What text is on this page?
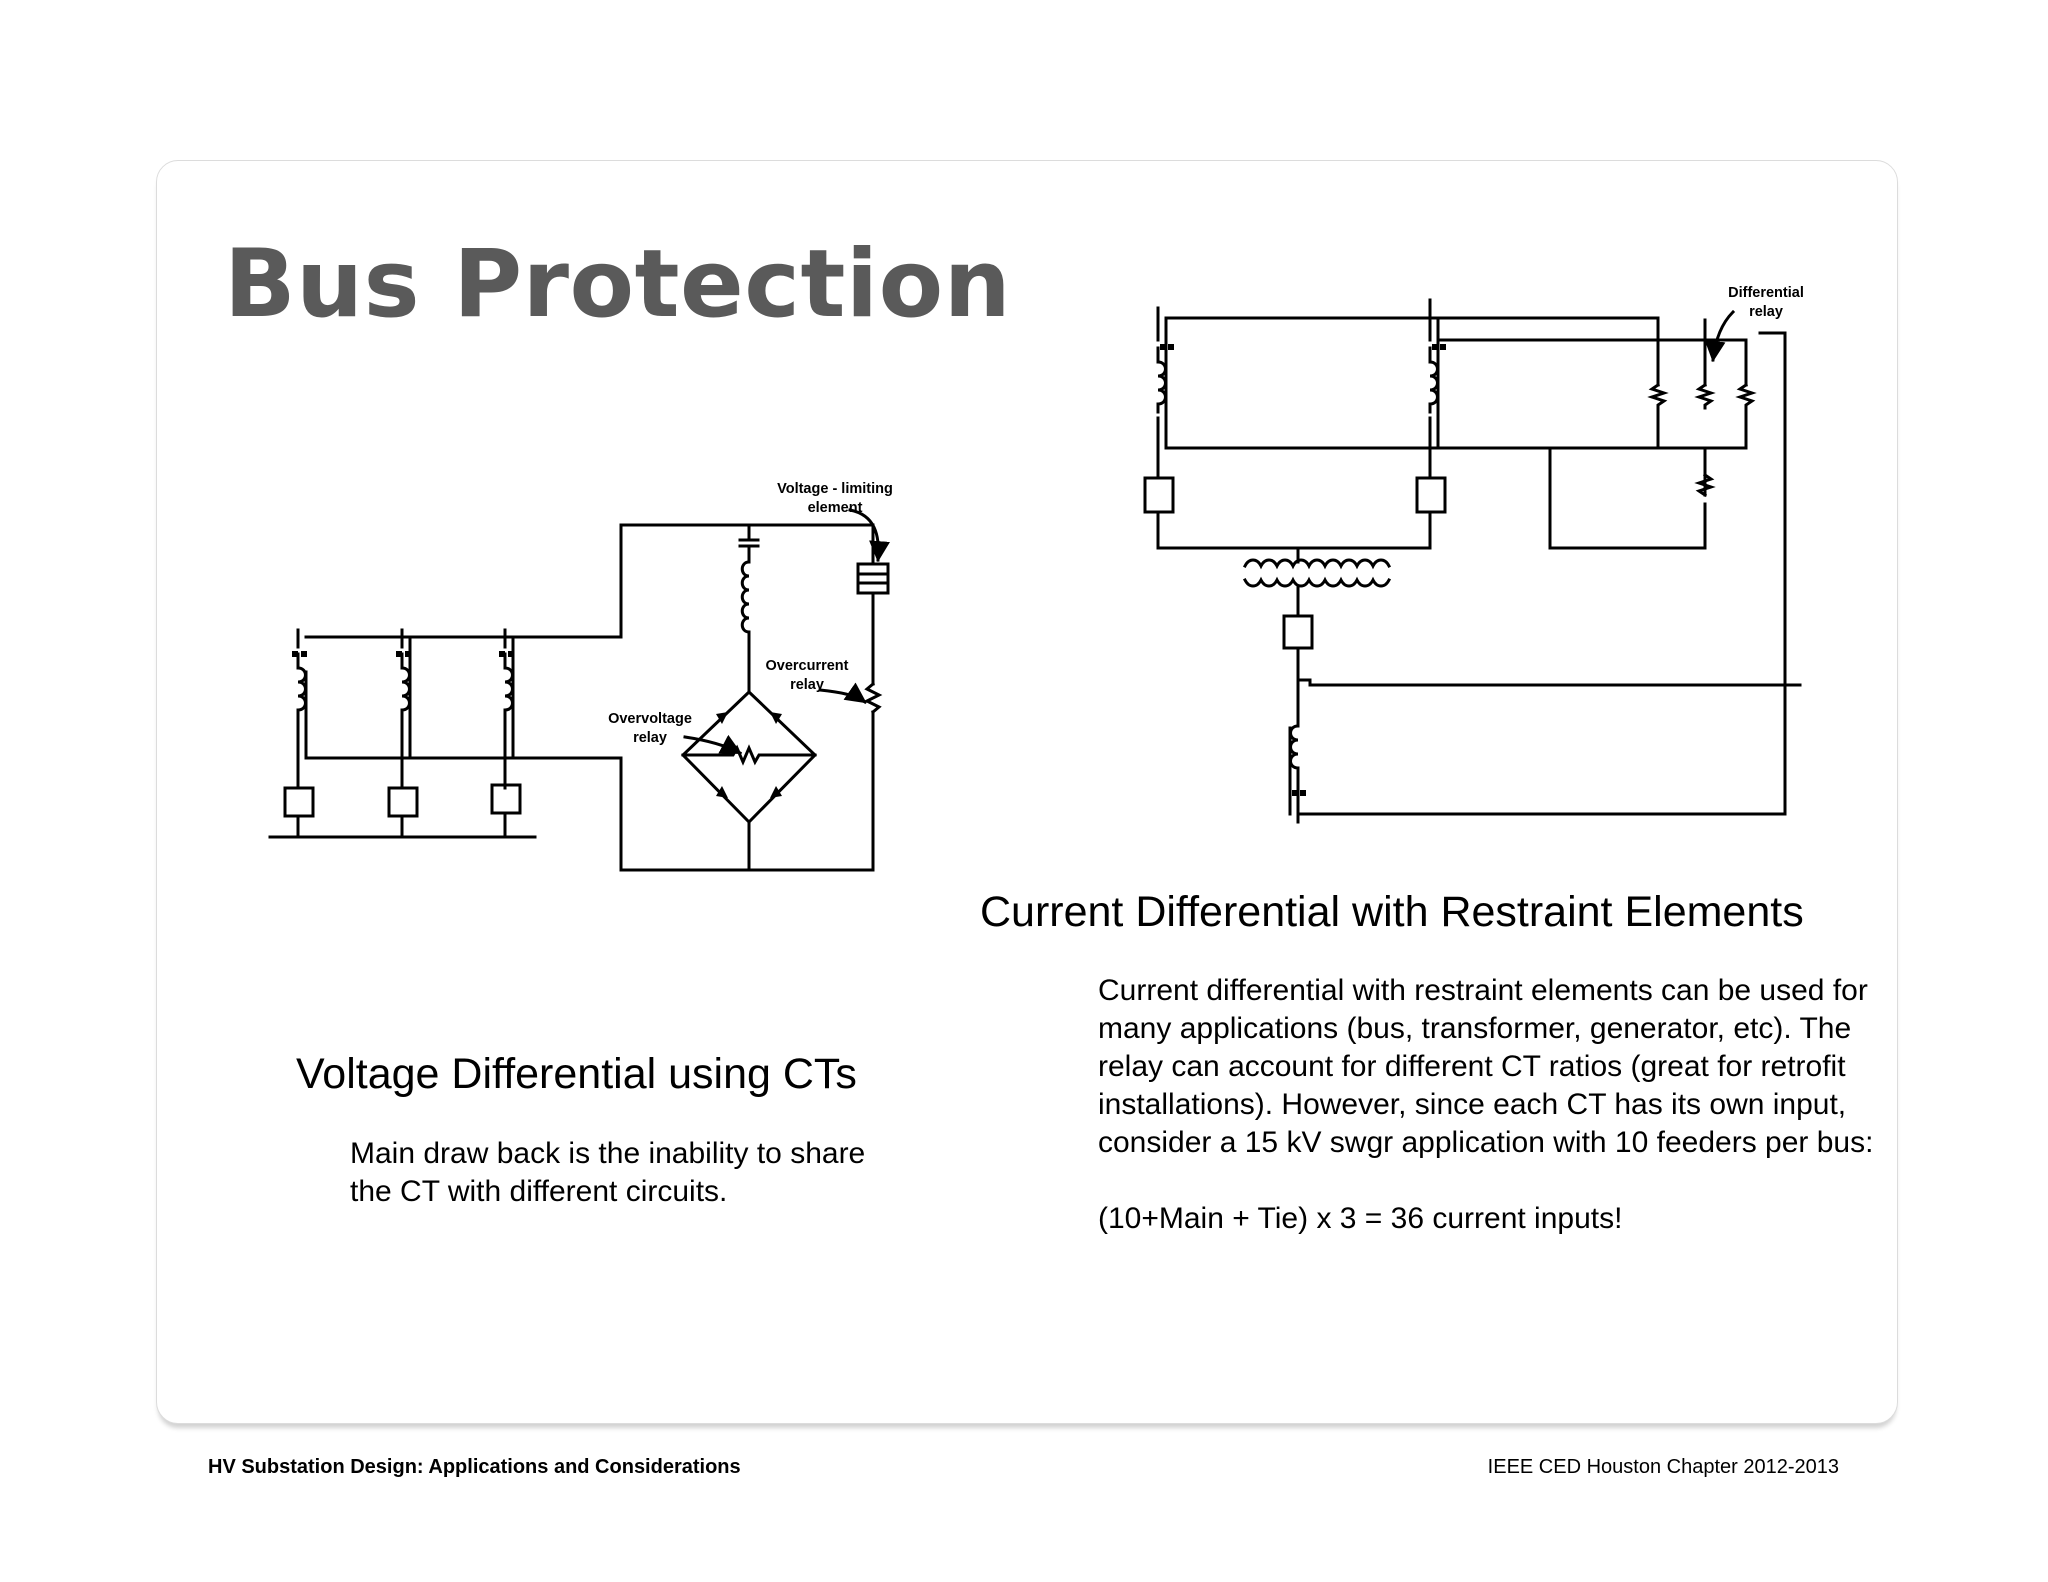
Bus Protection
Voltage - limiting
element
Overcurrent
relay
Overvoltage
relay
Differential
relay
Current Differential with Restraint Elements

Current differential with restraint elements can be used for many applications (bus, transformer, generator, etc). The relay can account for different CT ratios (great for retrofit installations). However, since each CT has its own input, consider a 15 kV swgr application with 10 feeders per bus:

(10+Main + Tie) x 3 = 36 current inputs!

Voltage Differential using CTs

Main draw back is the inability to share the CT with different circuits.

HV Substation Design: Applications and Considerations	IEEE CED Houston Chapter 2012-2013
